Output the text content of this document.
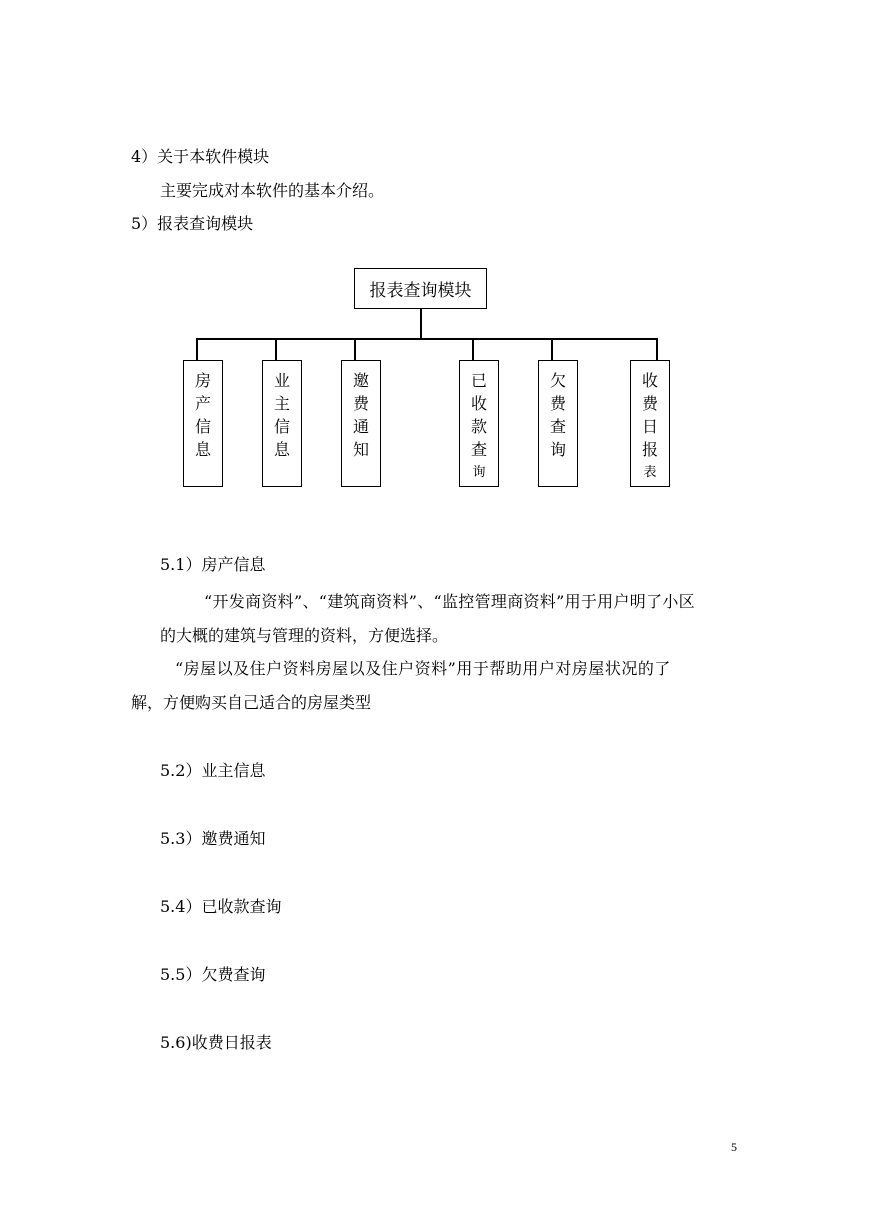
4）关于本软件模块
主要完成对本软件的基本介绍。
5）报表查询模块
报表查询模块
房
产
信
息
业
主
信
息
邀
费
通
知
已
收
款
查
询
欠
费
查
询
收
费
日
报
表
5.1）房产信息
“开发商资料”、“建筑商资料”、“监控管理商资料”用于用户明了小区
的大概的建筑与管理的资料，方便选择。
“房屋以及住户资料房屋以及住户资料”用于帮助用户对房屋状况的了
解，方便购买自己适合的房屋类型
5.2）业主信息
5.3）邀费通知
5.4）已收款查询
5.5）欠费查询
5.6)收费日报表
5
